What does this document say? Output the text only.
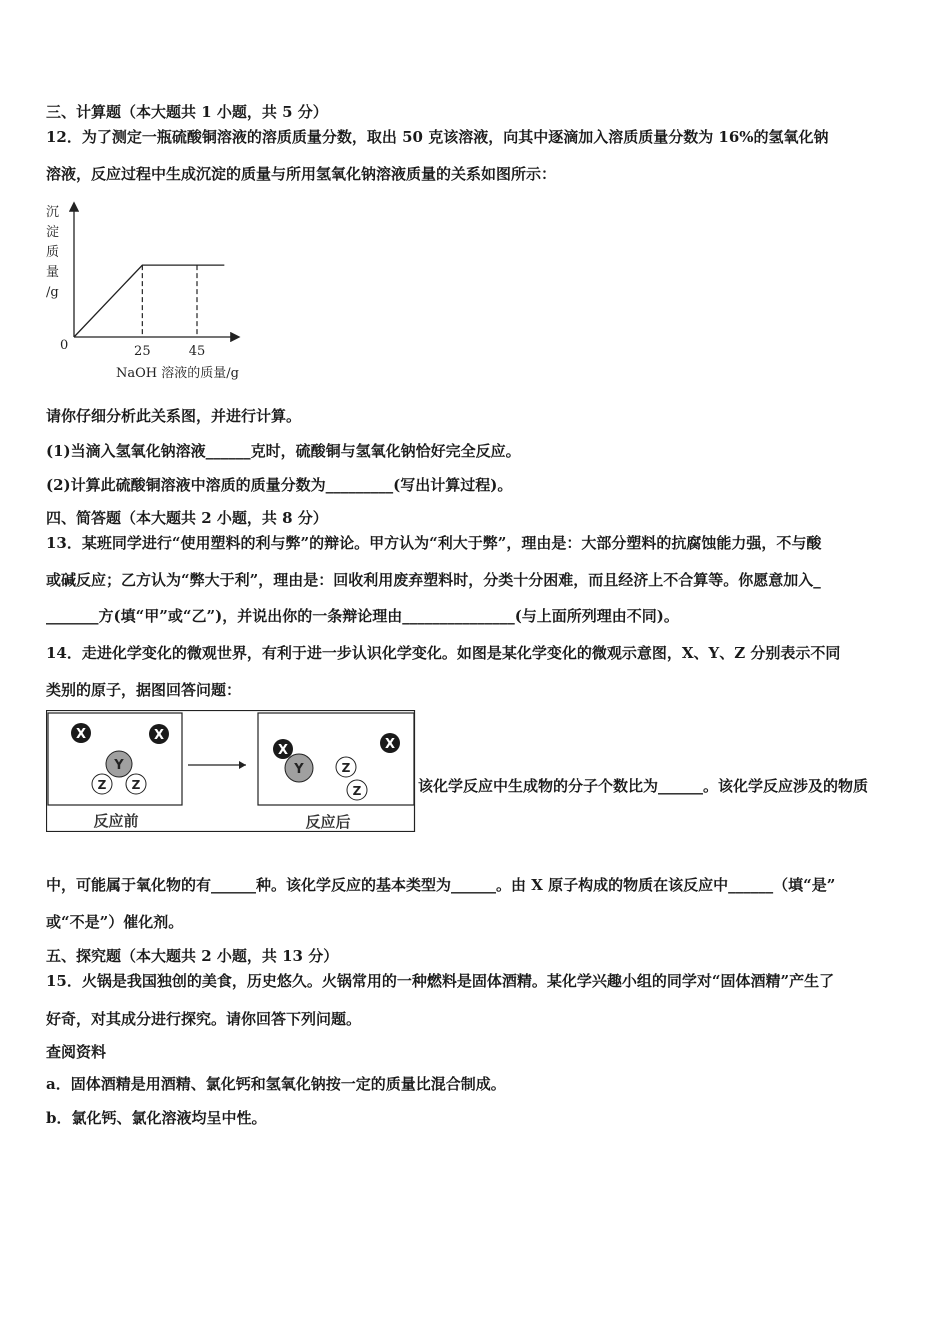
三、计算题（本大题共 1 小题，共 5 分）
12．为了测定一瓶硫酸铜溶液的溶质质量分数，取出 50 克该溶液，向其中逐滴加入溶质质量分数为 16%的氢氧化钠
溶液，反应过程中生成沉淀的质量与所用氢氧化钠溶液质量的关系如图所示：
沉
淀
质
量
/g
0	25	45
NaOH 溶液的质量/g
请你仔细分析此关系图，并进行计算。
(1)当滴入氢氧化钠溶液______克时，硫酸铜与氢氧化钠恰好完全反应。
(2)计算此硫酸铜溶液中溶质的质量分数为_________(写出计算过程)。
四、简答题（本大题共 2 小题，共 8 分）
13．某班同学进行“使用塑料的利与弊”的辩论。甲方认为“利大于弊”，理由是：大部分塑料的抗腐蚀能力强，不与酸
或碱反应；乙方认为“弊大于利”，理由是：回收利用废弃塑料时，分类十分困难，而且经济上不合算等。你愿意加入_
_______方(填“甲”或“乙”)，并说出你的一条辩论理由_______________(与上面所列理由不同)。
14．走进化学变化的微观世界，有利于进一步认识化学变化。如图是某化学变化的微观示意图，X、Y、Z 分别表示不同
类别的原子，据图回答问题：
X	X
Y
Z Z
反应前
Y
X	X
Z
Z
反应后
该化学反应中生成物的分子个数比为______。该化学反应涉及的物质
中，可能属于氧化物的有______种。该化学反应的基本类型为______。由 X 原子构成的物质在该反应中______（填“是”
或“不是”）催化剂。
五、探究题（本大题共 2 小题，共 13 分）
15．火锅是我国独创的美食，历史悠久。火锅常用的一种燃料是固体酒精。某化学兴趣小组的同学对“固体酒精”产生了
好奇，对其成分进行探究。请你回答下列问题。
查阅资料
a．固体酒精是用酒精、氯化钙和氢氧化钠按一定的质量比混合制成。
b．氯化钙、氯化溶液均呈中性。
